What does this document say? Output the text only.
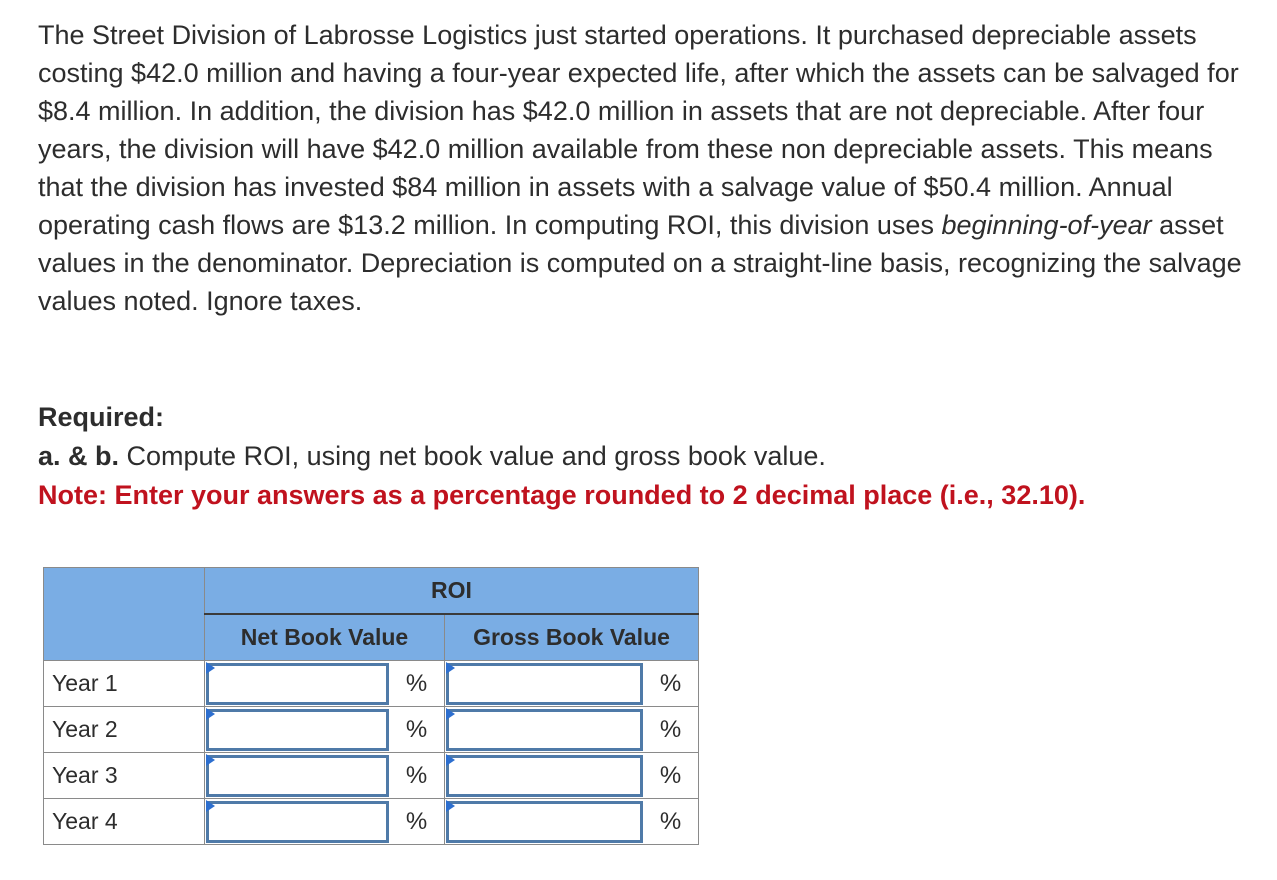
The Street Division of Labrosse Logistics just started operations. It purchased depreciable assets costing $42.0 million and having a four-year expected life, after which the assets can be salvaged for $8.4 million. In addition, the division has $42.0 million in assets that are not depreciable. After four years, the division will have $42.0 million available from these non depreciable assets. This means that the division has invested $84 million in assets with a salvage value of $50.4 million. Annual operating cash flows are $13.2 million. In computing ROI, this division uses beginning-of-year asset values in the denominator. Depreciation is computed on a straight-line basis, recognizing the salvage values noted. Ignore taxes.

Required:

a. & b. Compute ROI, using net book value and gross book value.

Note: Enter your answers as a percentage rounded to 2 decimal place (i.e., 32.10).

	ROI	
	Net Book Value	Gross Book Value
Year 1	%	%

Year 2	%	%

Year 3	%	%

Year 4	%	%
